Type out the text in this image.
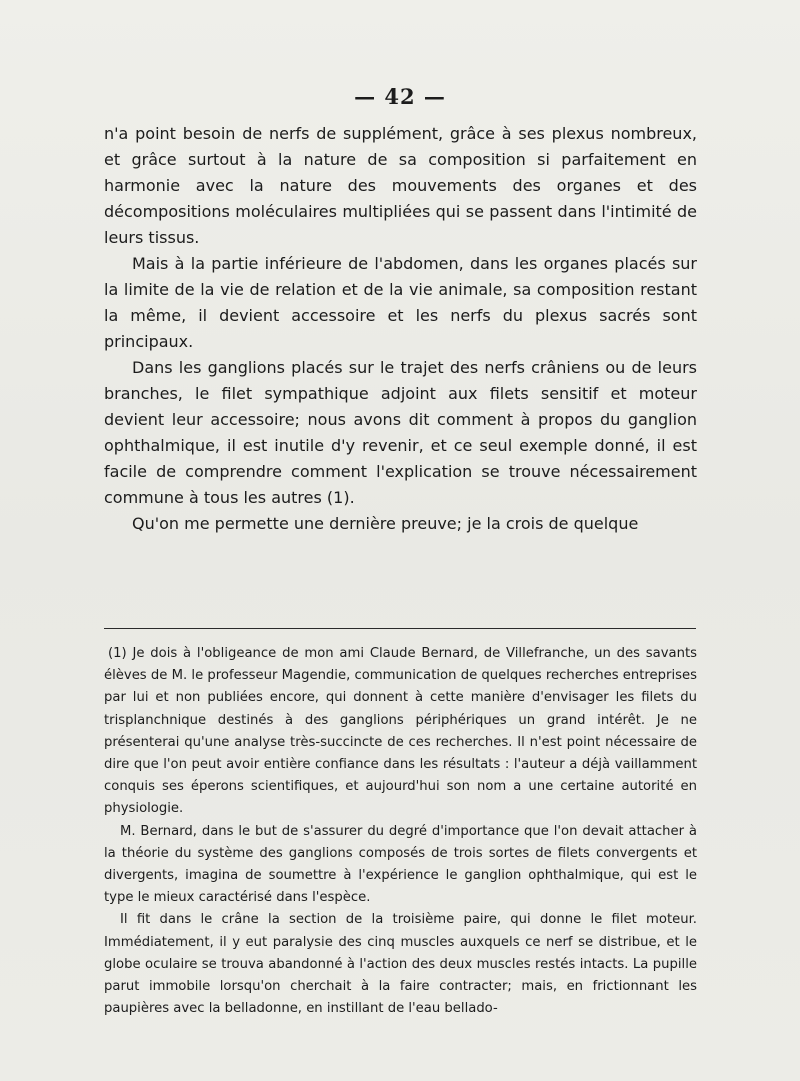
— 42 —

n'a point besoin de nerfs de supplément, grâce à ses plexus nombreux, et grâce surtout à la nature de sa composition si parfaitement en harmonie avec la nature des mouvements des organes et des décompositions moléculaires multipliées qui se passent dans l'intimité de leurs tissus.

Mais à la partie inférieure de l'abdomen, dans les organes placés sur la limite de la vie de relation et de la vie animale, sa composition restant la même, il devient accessoire et les nerfs du plexus sacrés sont principaux.

Dans les ganglions placés sur le trajet des nerfs crâniens ou de leurs branches, le filet sympathique adjoint aux filets sensitif et moteur devient leur accessoire; nous avons dit comment à propos du ganglion ophthalmique, il est inutile d'y revenir, et ce seul exemple donné, il est facile de comprendre comment l'explication se trouve nécessairement commune à tous les autres (1).

Qu'on me permette une dernière preuve; je la crois de quelque

(1) Je dois à l'obligeance de mon ami Claude Bernard, de Villefranche, un des savants élèves de M. le professeur Magendie, communication de quelques recherches entreprises par lui et non publiées encore, qui donnent à cette manière d'envisager les filets du trisplanchnique destinés à des ganglions périphériques un grand intérêt. Je ne présenterai qu'une analyse très-succincte de ces recherches. Il n'est point nécessaire de dire que l'on peut avoir entière confiance dans les résultats : l'auteur a déjà vaillamment conquis ses éperons scientifiques, et aujourd'hui son nom a une certaine autorité en physiologie.

M. Bernard, dans le but de s'assurer du degré d'importance que l'on devait attacher à la théorie du système des ganglions composés de trois sortes de filets convergents et divergents, imagina de soumettre à l'expérience le ganglion ophthalmique, qui est le type le mieux caractérisé dans l'espèce.

Il fit dans le crâne la section de la troisième paire, qui donne le filet moteur. Immédiatement, il y eut paralysie des cinq muscles auxquels ce nerf se distribue, et le globe oculaire se trouva abandonné à l'action des deux muscles restés intacts. La pupille parut immobile lorsqu'on cherchait à la faire contracter; mais, en frictionnant les paupières avec la belladonne, en instillant de l'eau bellado-
